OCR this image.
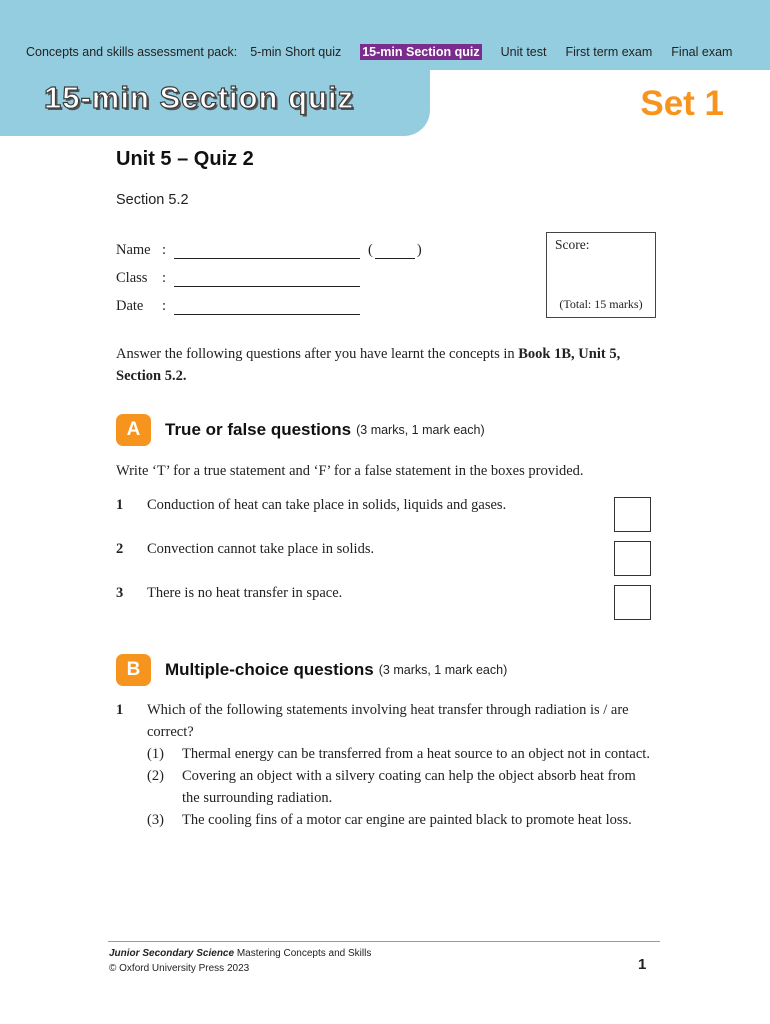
Concepts and skills assessment pack: 5-min Short quiz 15-min Section quiz Unit test First term exam Final exam
15-min Section quiz	Set 1
Unit 5 – Quiz 2
Section 5.2
Name :	(	)
Class	:
Date	:
Score:
(Total: 15 marks)
Answer the following questions after you have learnt the concepts in Book 1B, Unit 5, Section 5.2.
A	True or false questions (3 marks, 1 mark each)
Write ‘T’ for a true statement and ‘F’ for a false statement in the boxes provided.
1	Conduction of heat can take place in solids, liquids and gases.
2	Convection cannot take place in solids.
3	There is no heat transfer in space.
B	Multiple-choice questions (3 marks, 1 mark each)
1	Which of the following statements involving heat transfer through radiation is / are correct?
(1)	Thermal energy can be transferred from a heat source to an object not in contact.
(2)	Covering an object with a silvery coating can help the object absorb heat from the surrounding radiation.
(3)	The cooling fins of a motor car engine are painted black to promote heat loss.
Junior Secondary Science Mastering Concepts and Skills
© Oxford University Press 2023	1
